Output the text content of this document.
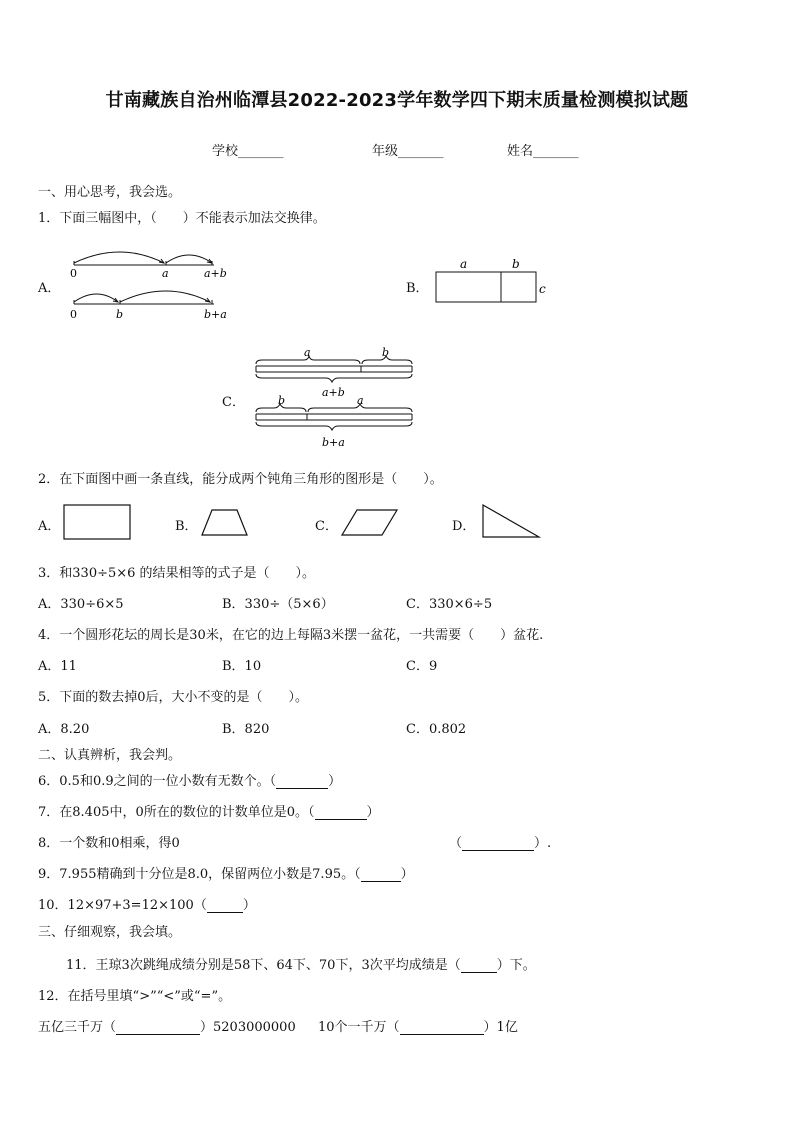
甘南藏族自治州临潭县2022-2023学年数学四下期末质量检测模拟试题
学校_______	年级_______	姓名_______
一、用心思考，我会选。
1．下面三幅图中，（　　）不能表示加法交换律。
A．
0	a	a+b
0	b	b+a
B．
a	b
c
C．
a	b
a+b
b	a
b+a
2．在下面图中画一条直线，能分成两个钝角三角形的图形是（　　）。
A．	B．	C．	D．
3．和330÷5×6 的结果相等的式子是（　　）。
A．330÷6×5	B．330÷（5×6）	C．330×6÷5
4．一个圆形花坛的周长是30米，在它的边上每隔3米摆一盆花，一共需要（　　）盆花.
A．11	B．10	C．9
5．下面的数去掉0后，大小不变的是（　　）。
A．8.20	B．820	C．0.802
二、认真辨析，我会判。
6．0.5和0.9之间的一位小数有无数个。（	）
7．在8.405中，0所在的数位的计数单位是0。（	）
8．一个数和0相乘，得0	（	）.
9．7.955精确到十分位是8.0，保留两位小数是7.95。（	）
10．12×97+3=12×100（	）
三、仔细观察，我会填。
11．王琼3次跳绳成绩分别是58下、64下、70下，3次平均成绩是（	）下。
12．在括号里填“>”“<”或“=”。
五亿三千万（	）5203000000 10个一千万（	）1亿
